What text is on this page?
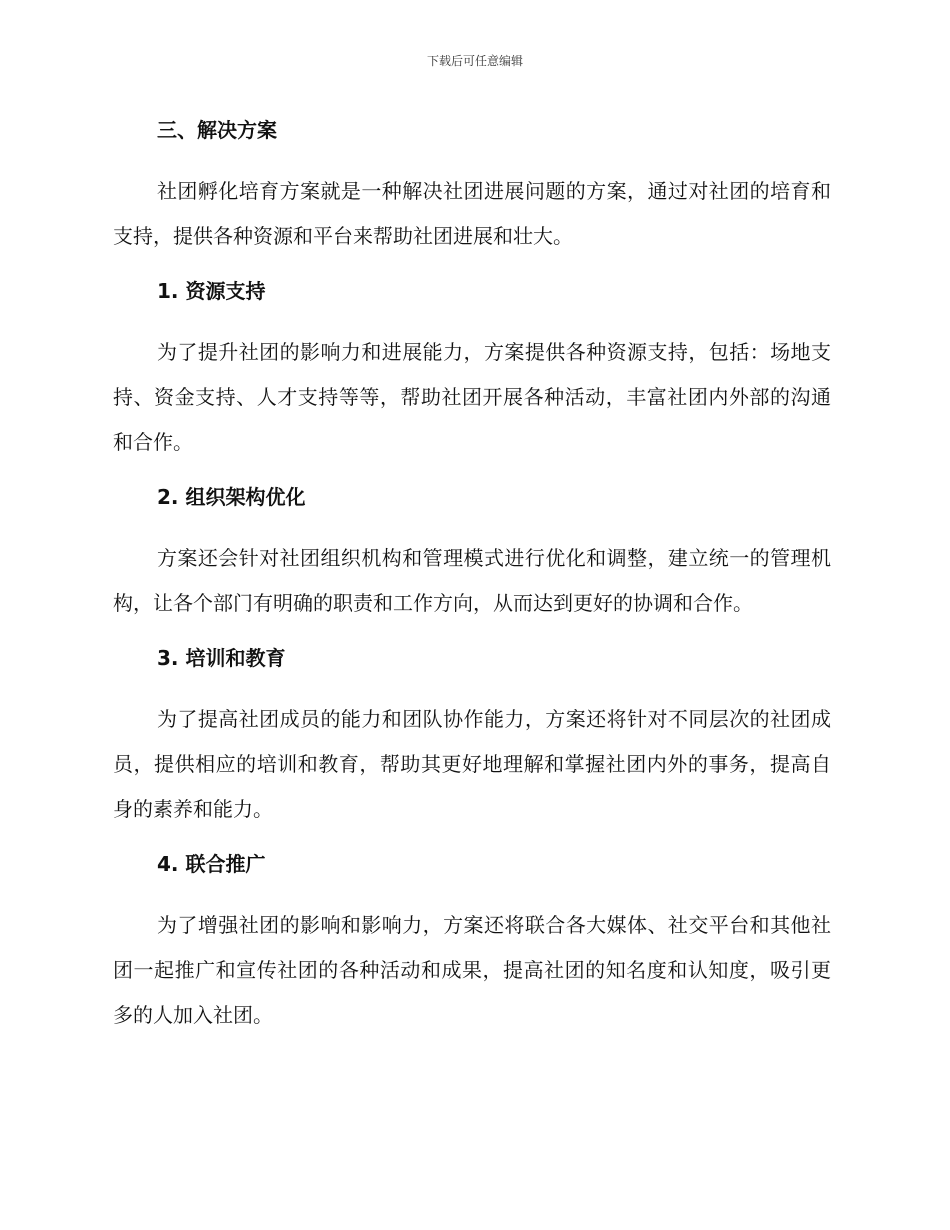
下载后可任意编辑
三、解决方案

社团孵化培育方案就是一种解决社团进展问题的方案，通过对社团的培育和支持，提供各种资源和平台来帮助社团进展和壮大。

1. 资源支持

为了提升社团的影响力和进展能力，方案提供各种资源支持，包括：场地支持、资金支持、人才支持等等，帮助社团开展各种活动，丰富社团内外部的沟通和合作。

2. 组织架构优化

方案还会针对社团组织机构和管理模式进行优化和调整，建立统一的管理机构，让各个部门有明确的职责和工作方向，从而达到更好的协调和合作。

3. 培训和教育

为了提高社团成员的能力和团队协作能力，方案还将针对不同层次的社团成员，提供相应的培训和教育，帮助其更好地理解和掌握社团内外的事务，提高自身的素养和能力。

4. 联合推广

为了增强社团的影响和影响力，方案还将联合各大媒体、社交平台和其他社团一起推广和宣传社团的各种活动和成果，提高社团的知名度和认知度，吸引更多的人加入社团。
